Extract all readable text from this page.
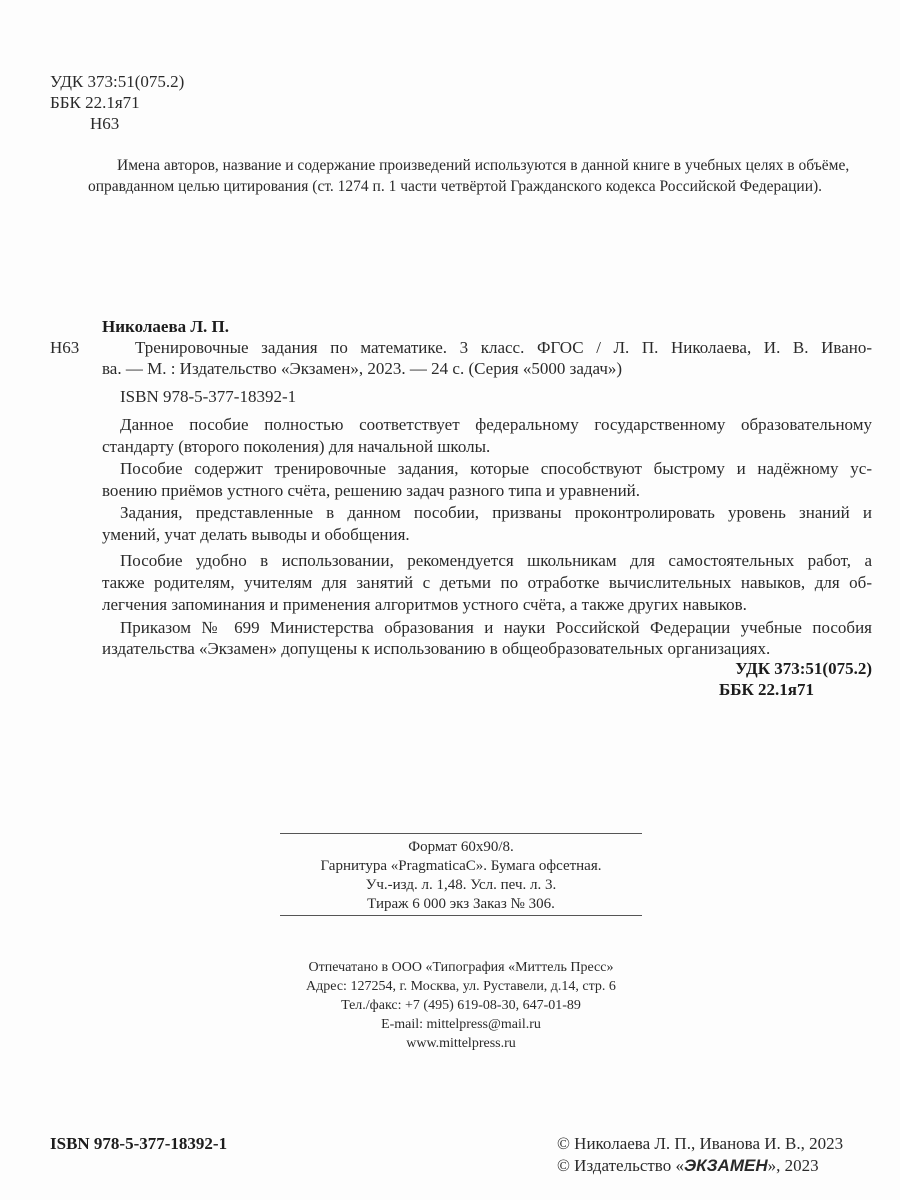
УДК 373:51(075.2)
ББК 22.1я71
Н63
Имена авторов, название и содержание произведений используются в данной книге в учебных целях в объёме,
оправданном целью цитирования (ст. 1274 п. 1 части четвёртой Гражданского кодекса Российской Федерации).
Николаева Л. П.
Н63	Тренировочные задания по математике. 3 класс. ФГОС / Л. П. Николаева, И. В. Ивано-
ва. — М. : Издательство «Экзамен», 2023. — 24 с. (Серия «5000 задач»)
ISBN 978-5-377-18392-1
Данное пособие полностью соответствует федеральному государственному образовательному
стандарту (второго поколения) для начальной школы.
Пособие содержит тренировочные задания, которые способствуют быстрому и надёжному ус-
воению приёмов устного счёта, решению задач разного типа и уравнений.
Задания, представленные в данном пособии, призваны проконтролировать уровень знаний и
умений, учат делать выводы и обобщения.
Пособие удобно в использовании, рекомендуется школьникам для самостоятельных работ, а
также родителям, учителям для занятий с детьми по отработке вычислительных навыков, для об-
легчения запоминания и применения алгоритмов устного счёта, а также других навыков.
Приказом № 699 Министерства образования и науки Российской Федерации учебные пособия
издательства «Экзамен» допущены к использованию в общеобразовательных организациях.
УДК 373:51(075.2)
ББК 22.1я71
Формат 60x90/8.
Гарнитура «PragmaticaC». Бумага офсетная.
Уч.-изд. л. 1,48. Усл. печ. л. 3.
Тираж 6 000 экз Заказ № 306.
Отпечатано в ООО «Типография «Миттель Пресс»
Адрес: 127254, г. Москва, ул. Руставели, д.14, стр. 6
Тел./факс: +7 (495) 619-08-30, 647-01-89
E-mail: mittelpress@mail.ru
www.mittelpress.ru
ISBN 978-5-377-18392-1	© Николаева Л. П., Иванова И. В., 2023
© Издательство «ЭКЗАМЕН», 2023
